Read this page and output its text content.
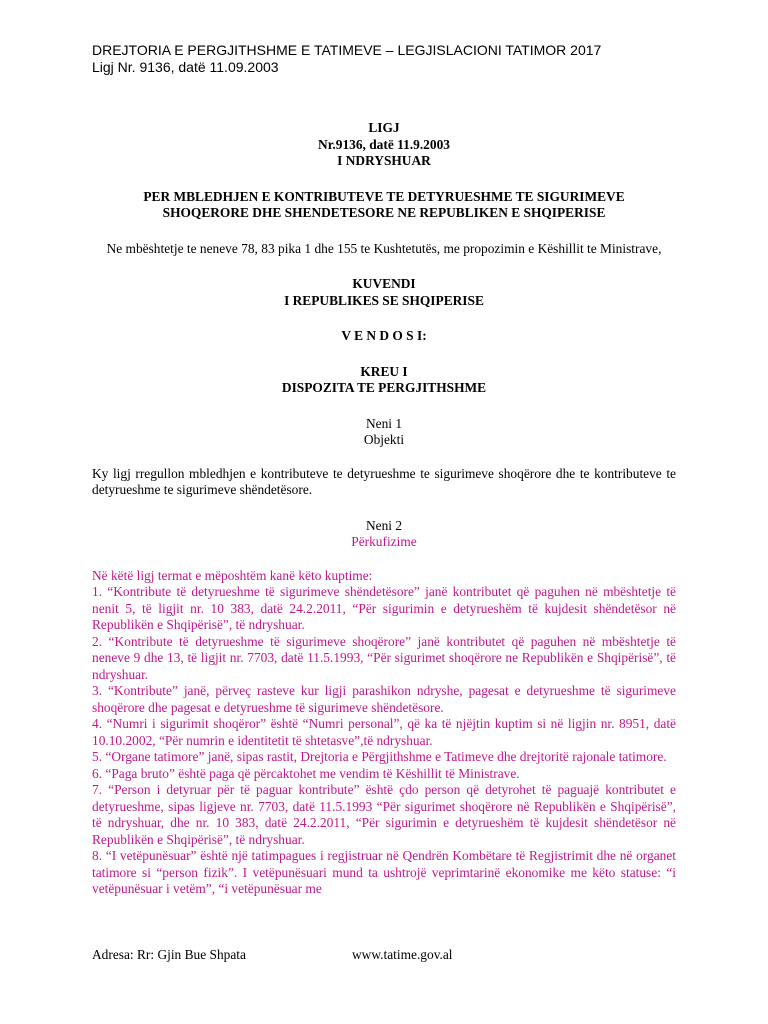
DREJTORIA E PERGJITHSHME E TATIMEVE – LEGJISLACIONI TATIMOR 2017
Ligj Nr. 9136, datë 11.09.2003
LIGJ
Nr.9136, datë 11.9.2003
I NDRYSHUAR
PER MBLEDHJEN E KONTRIBUTEVE TE DETYRUESHME TE SIGURIMEVE
SHOQERORE DHE SHENDETESORE NE REPUBLIKEN E SHQIPERISE
Ne mbështetje te neneve 78, 83 pika 1 dhe 155 te Kushtetutës, me propozimin e Këshillit te Ministrave,
KUVENDI
I REPUBLIKES SE SHQIPERISE
V E N D O S I:
KREU I
DISPOZITA TE PERGJITHSHME
Neni 1
Objekti

Ky ligj rregullon mbledhjen e kontributeve te detyrueshme te sigurimeve shoqërore dhe te kontributeve te detyrueshme te sigurimeve shëndetësore.

Neni 2
Përkufizime

Në këtë ligj termat e mëposhtëm kanë këto kuptime:

1. “Kontribute të detyrueshme të sigurimeve shëndetësore” janë kontributet që paguhen në mbështetje të nenit 5, të ligjit nr. 10 383, datë 24.2.2011, “Për sigurimin e detyrueshëm të kujdesit shëndetësor në Republikën e Shqipërisë”, të ndryshuar.

2. “Kontribute të detyrueshme të sigurimeve shoqërore” janë kontributet që paguhen në mbështetje të neneve 9 dhe 13, të ligjit nr. 7703, datë 11.5.1993, “Për sigurimet shoqërore ne Republikën e Shqipërisë”, të ndryshuar.

3. “Kontribute” janë, përveç rasteve kur ligji parashikon ndryshe, pagesat e detyrueshme të sigurimeve shoqërore dhe pagesat e detyrueshme të sigurimeve shëndetësore.

4. “Numri i sigurimit shoqëror” është “Numri personal”, që ka të njëjtin kuptim si në ligjin nr. 8951, datë 10.10.2002, “Për numrin e identitetit të shtetasve”,të ndryshuar.

5. “Organe tatimore” janë, sipas rastit, Drejtoria e Përgjithshme e Tatimeve dhe drejtoritë rajonale tatimore.

6. “Paga bruto” është paga që përcaktohet me vendim të Këshillit të Ministrave.

7. “Person i detyruar për të paguar kontribute” është çdo person që detyrohet të paguajë kontributet e detyrueshme, sipas ligjeve nr. 7703, datë 11.5.1993 “Për sigurimet shoqërore në Republikën e Shqipërisë”, të ndryshuar, dhe nr. 10 383, datë 24.2.2011, “Për sigurimin e detyrueshëm të kujdesit shëndetësor në Republikën e Shqipërisë”, të ndryshuar.

8. “I vetëpunësuar” është një tatimpagues i regjistruar në Qendrën Kombëtare të Regjistrimit dhe në organet tatimore si “person fizik”. I vetëpunësuari mund ta ushtrojë veprimtarinë ekonomike me këto statuse: “i vetëpunësuar i vetëm”, “i vetëpunësuar me

Adresa: Rr: Gjin Bue Shpata	www.tatime.gov.al
